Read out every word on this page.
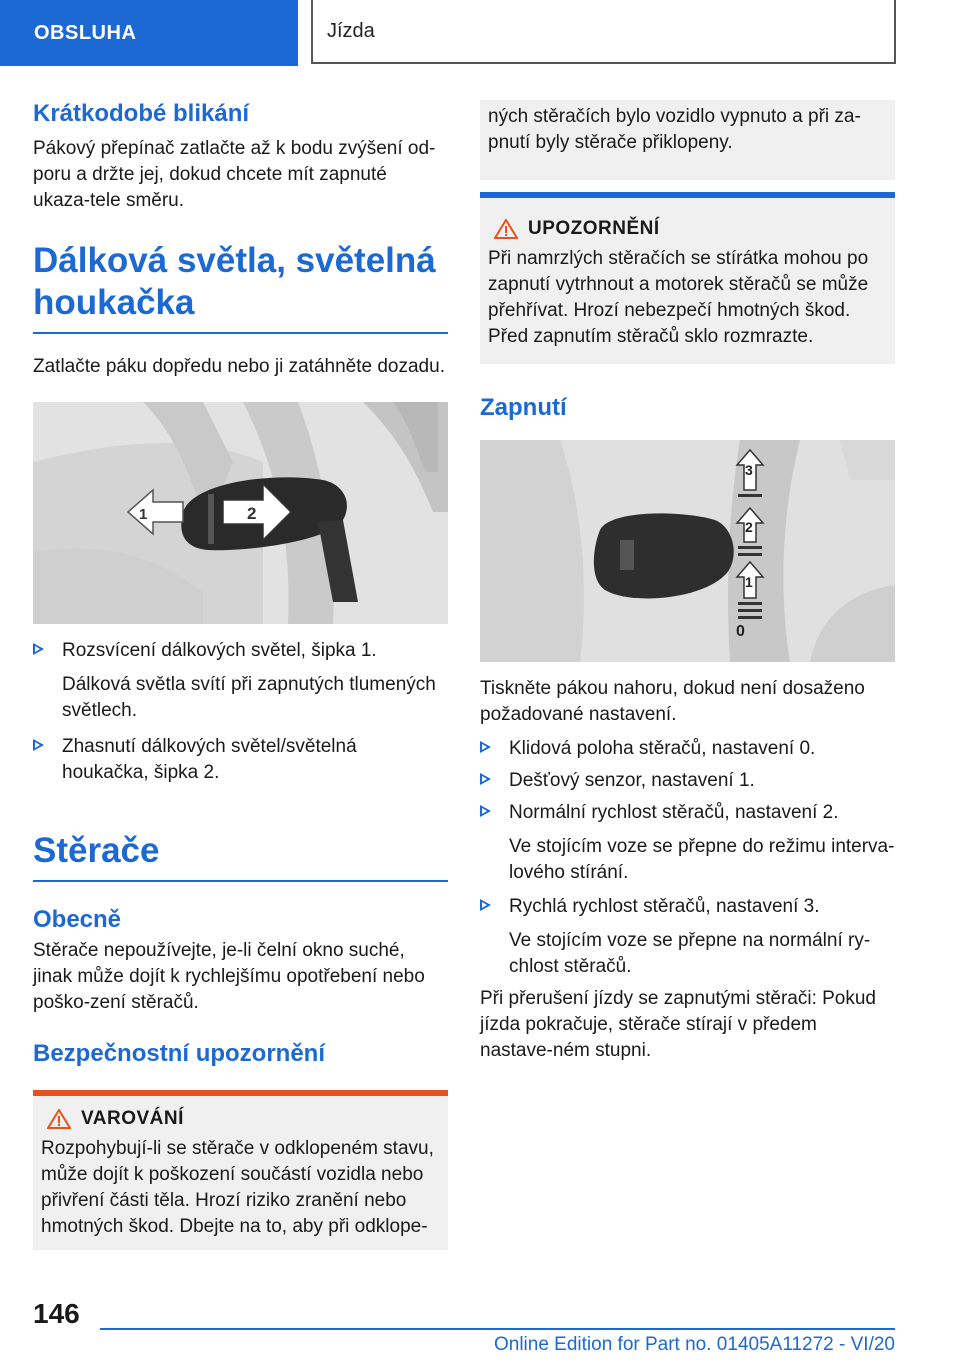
OBSLUHA	Jízda
Krátkodobé blikání

Pákový přepínač zatlačte až k bodu zvýšení od-poru a držte jej, dokud chcete mít zapnuté ukaza-tele směru.

Dálková světla, světelná houkačka

Zatlačte páku dopředu nebo ji zatáhněte dozadu.

1	2
Rozsvícení dálkových světel, šipka 1.
Dálková světla svítí při zapnutých tlumených světlech.
Zhasnutí dálkových světel/světelná houkačka, šipka 2.
Stěrače
Obecně

Stěrače nepoužívejte, je-li čelní okno suché, jinak může dojít k rychlejšímu opotřebení nebo poško-zení stěračů.

Bezpečnostní upozornění
VAROVÁNÍ

Rozpohybují-li se stěrače v odklopeném stavu, může dojít k poškození součástí vozidla nebo přivření části těla. Hrozí riziko zranění nebo hmotných škod. Dbejte na to, aby při odklope-

ných stěračích bylo vozidlo vypnuto a při za-pnutí byly stěrače přiklopeny.

UPOZORNĚNÍ

Při namrzlých stěračích se stírátka mohou po zapnutí vytrhnout a motorek stěračů se může přehřívat. Hrozí nebezpečí hmotných škod. Před zapnutím stěračů sklo rozmrazte.

Zapnutí
3
2
1
0

Tiskněte pákou nahoru, dokud není dosaženo požadované nastavení.

Klidová poloha stěračů, nastavení 0.
Dešťový senzor, nastavení 1.
Normální rychlost stěračů, nastavení 2.
Ve stojícím voze se přepne do režimu interva-lového stírání.
Rychlá rychlost stěračů, nastavení 3.
Ve stojícím voze se přepne na normální ry-chlost stěračů.

Při přerušení jízdy se zapnutými stěrači: Pokud jízda pokračuje, stěrače stírají v předem nastave-ném stupni.

146
Online Edition for Part no. 01405A11272 - VI/20
